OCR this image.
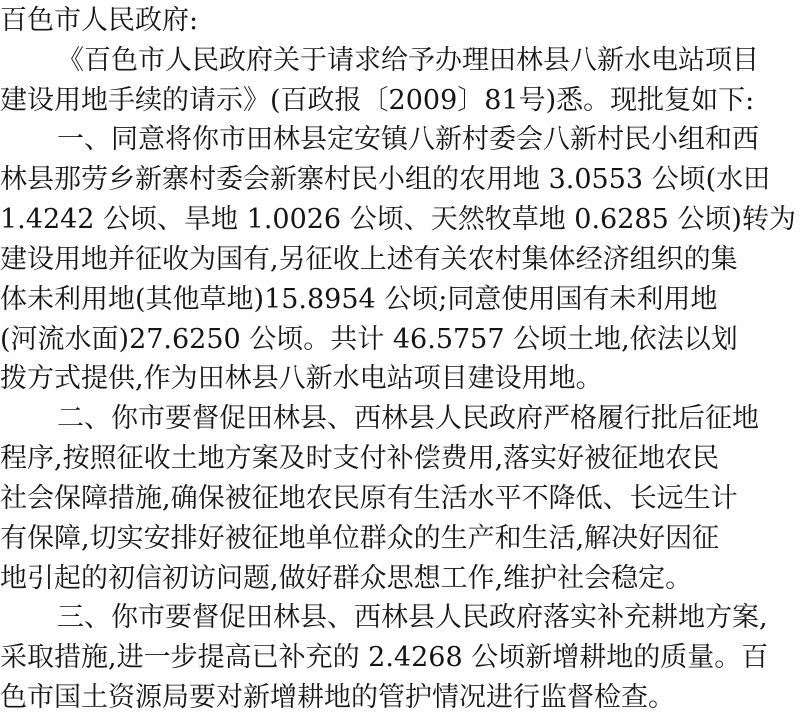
百色市人民政府:
《百色市人民政府关于请求给予办理田林县八新水电站项目
建设用地手续的请示》(百政报〔2009〕81号)悉。现批复如下:
一、同意将你市田林县定安镇八新村委会八新村民小组和西
林县那劳乡新寨村委会新寨村民小组的农用地 3.0553 公顷(水田
1.4242 公顷、旱地 1.0026 公顷、天然牧草地 0.6285 公顷)转为
建设用地并征收为国有,另征收上述有关农村集体经济组织的集
体未利用地(其他草地)15.8954 公顷;同意使用国有未利用地
(河流水面)27.6250 公顷。共计 46.5757 公顷土地,依法以划
拨方式提供,作为田林县八新水电站项目建设用地。
二、你市要督促田林县、西林县人民政府严格履行批后征地
程序,按照征收土地方案及时支付补偿费用,落实好被征地农民
社会保障措施,确保被征地农民原有生活水平不降低、长远生计
有保障,切实安排好被征地单位群众的生产和生活,解决好因征
地引起的初信初访问题,做好群众思想工作,维护社会稳定。
三、你市要督促田林县、西林县人民政府落实补充耕地方案,
采取措施,进一步提高已补充的 2.4268 公顷新增耕地的质量。百
色市国土资源局要对新增耕地的管护情况进行监督检查。
